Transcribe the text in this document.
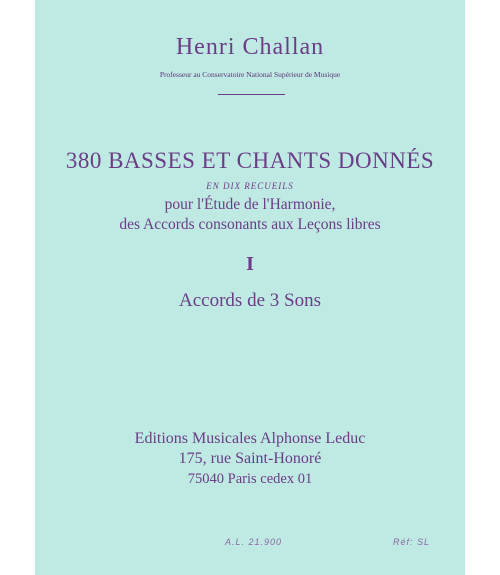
Henri Challan
Professeur au Conservatoire National Supérieur de Musique
380 BASSES ET CHANTS DONNÉS
EN DIX RECUEILS
pour l'Étude de l'Harmonie,
des Accords consonants aux Leçons libres
I
Accords de 3 Sons
Editions Musicales Alphonse Leduc
175, rue Saint-Honoré
75040 Paris cedex 01
A.L. 21.900	Réf: SL
